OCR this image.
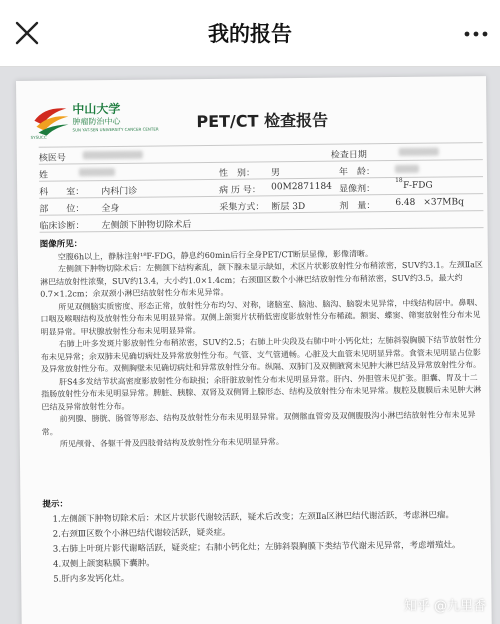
我的报告
中山大学
肿瘤防治中心
SUN YAT-SEN UNIVERSITY CANCER CENTER
SYSUCC
PET/CT 检查报告
核医号	检查日期
姓	性　别： 男	年　龄：
科　　室： 内科门诊	病 历 号： 00M2871184 显像剂：
18
F-FDG
部　　位： 全身	采集方式： 断层 3D	剂　量： 6.48 ×37MBq
临床诊断： 左侧颌下肿物切除术后
图像所见：

空腹6h以上，静脉注射¹⁸F-FDG，静息约60min后行全身PET/CT断层显像，影像清晰。

左侧颌下肿物切除术后：左侧颌下结构紊乱，颌下腺未显示缺如，术区片状影放射性分布稍浓密，SUV约3.1。左颈Ⅱa区淋巴结放射性浓聚，SUV约13.4，大小约1.0×1.4cm；右颈Ⅲ区数个小淋巴结放射性分布稍浓密，SUV约3.5，最大约0.7×1.2cm；余双颈小淋巴结放射性分布未见异常。

所见双侧脑实质密度、形态正常，放射性分布均匀、对称，诸脑室、脑池、脑沟、脑裂未见异常，中线结构居中。鼻咽、口咽及喉咽结构及放射性分布未见明显异常。双侧上颌窦片状稍低密度影放射性分布稀疏。额窦、蝶窦、筛窦放射性分布未见明显异常。甲状腺放射性分布未见明显异常。

右肺上叶多发斑片影放射性分布稍浓密，SUV约2.5；右肺上叶尖段及右肺中叶小钙化灶；左肺斜裂胸膜下结节放射性分布未见异常；余双肺未见确切病灶及异常放射性分布。气管、支气管通畅。心脏及大血管未见明显异常。食管未见明显占位影及异常放射性分布。双侧胸壁未见确切病灶和异常放射性分布。纵隔、双肺门及双侧腋窝未见肿大淋巴结及异常放射性分布。

肝S4多发结节状高密度影放射性分布缺损；余肝脏放射性分布未见明显异常。肝内、外胆管未见扩张。胆囊、胃及十二指肠放射性分布未见明显异常。脾脏、胰腺、双肾及双侧肾上腺形态、结构及放射性分布未见异常。腹腔及腹膜后未见肿大淋巴结及异常放射性分布。

前列腺、膀胱、肠管等形态、结构及放射性分布未见明显异常。双侧髂血管旁及双侧腹股沟小淋巴结放射性分布未见异常。

所见颅骨、各躯干骨及四肢骨结构及放射性分布未见明显异常。

提示：
1.左侧颌下肿物切除术后：术区片状影代谢较活跃，疑术后改变；左颈Ⅱa区淋巴结代谢活跃，考虑淋巴瘤。
2.右颈Ⅲ区数个小淋巴结代谢较活跃，疑炎症。
3.右肺上叶斑片影代谢略活跃，疑炎症；右肺小钙化灶；左肺斜裂胸膜下类结节代谢未见异常，考虑增殖灶。
4.双侧上颌窦粘膜下囊肿。
5.肝内多发钙化灶。
知乎 @九里香
